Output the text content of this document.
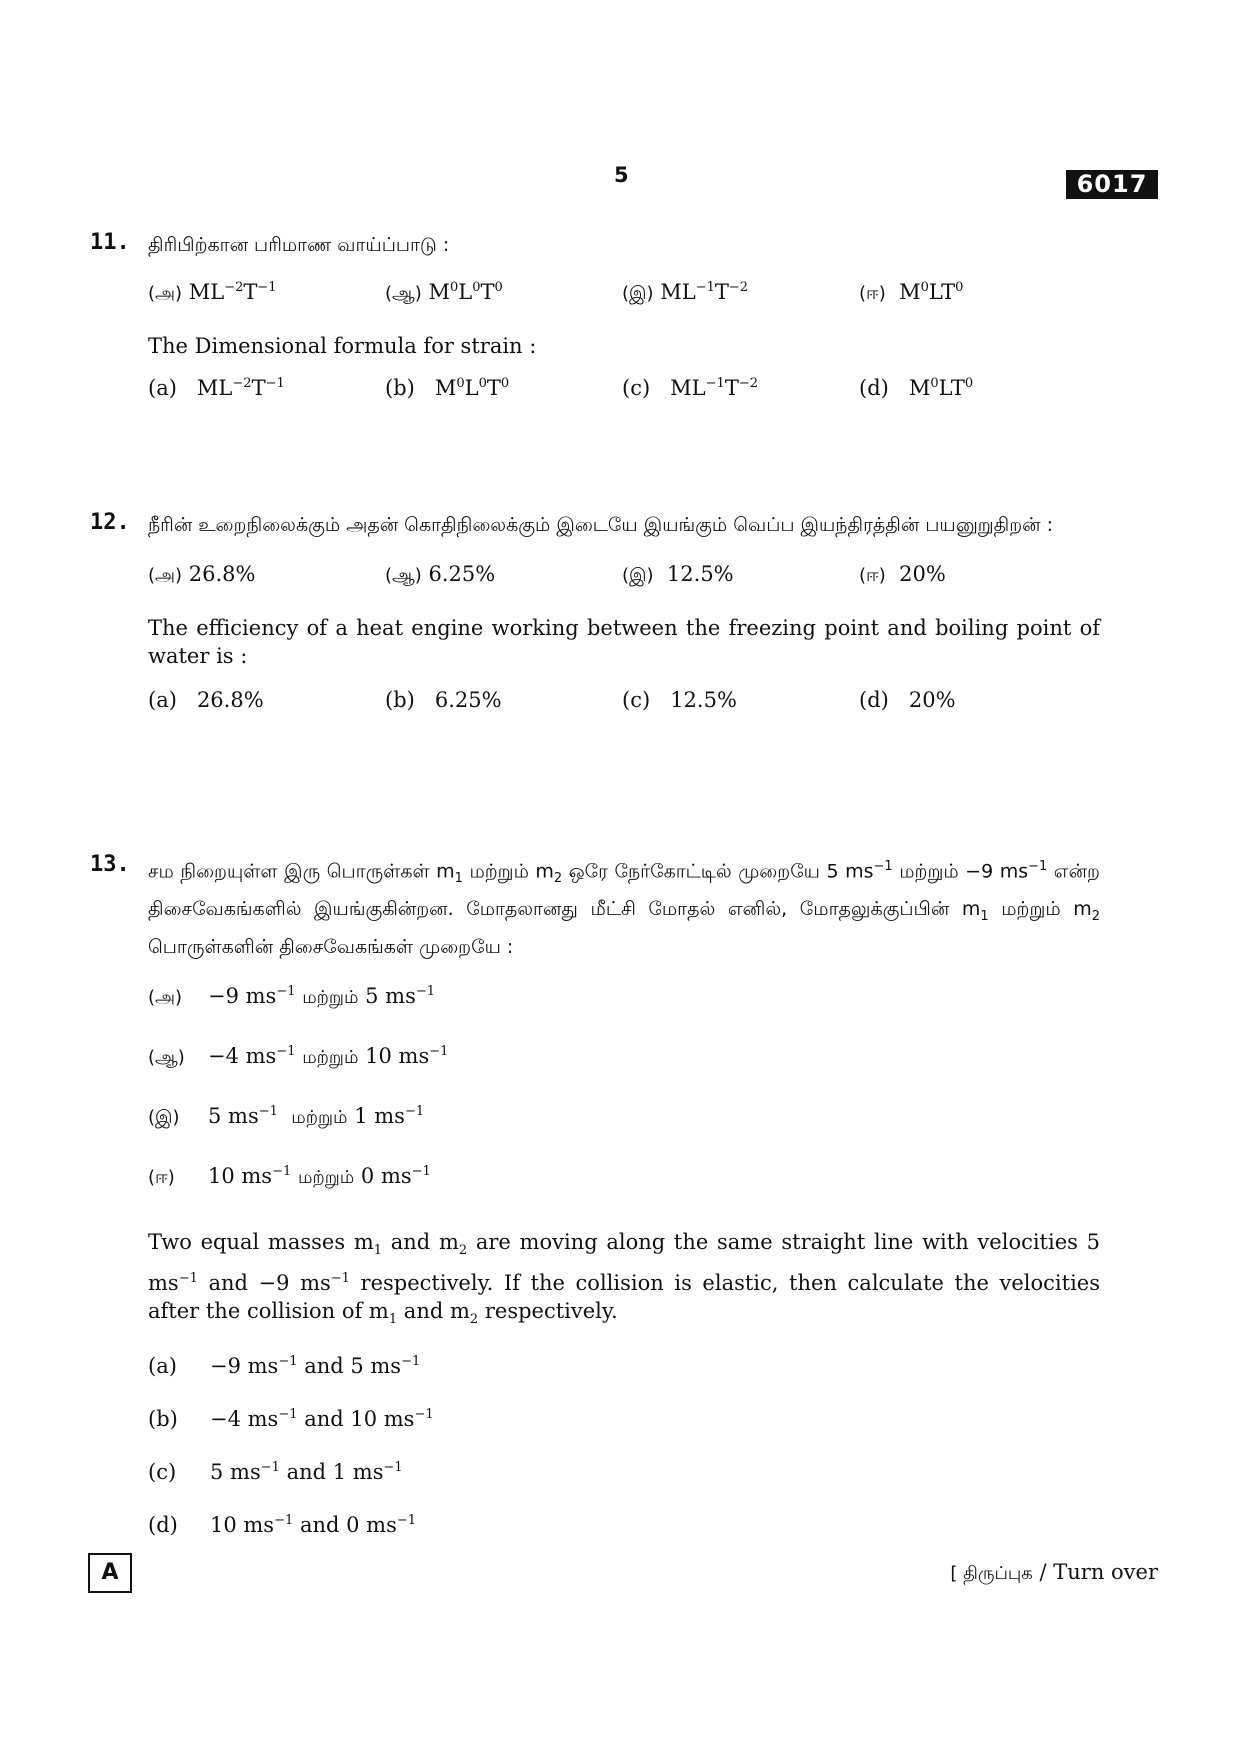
5	6017
11. திரிபிற்கான பரிமாண வாய்ப்பாடு :
(அ) $ML^{-2}T^{-1}$	(ஆ) $M^0L^0T^0$	(இ) $ML^{-1}T^{-2}$	(ஈ)  $M^0LT^0$
The Dimensional formula for strain :
(a)   $ML^{-2}T^{-1}$	(b)   $M^0L^0T^0$	(c)   $ML^{-1}T^{-2}$	(d)   $M^0LT^0$
12. நீரின் உறைநிலைக்கும் அதன் கொதிநிலைக்கும் இடையே இயங்கும் வெப்ப இயந்திரத்தின் பயனுறுதிறன் :
(அ) 26.8%	(ஆ) 6.25%	(இ) 12.5%	(ஈ) 20%
The efficiency of a heat engine working between the freezing point and boiling point of water is :
(a) 26.8%	(b) 6.25%	(c) 12.5%	(d) 20%
13. சம நிறையுள்ள இரு பொருள்கள் $m_1$ மற்றும் $m_2$ ஒரே நேர்கோட்டில் முறையே 5 $ms^{-1}$ மற்றும் −9 $ms^{-1}$ என்ற திசைவேகங்களில் இயங்குகின்றன. மோதலானது மீட்சி மோதல் எனில், மோதலுக்குப்பின் $m_1$ மற்றும் $m_2$ பொருள்களின் திசைவேகங்கள் முறையே :
(அ) −9 $ms^{-1}$ மற்றும் 5 $ms^{-1}$
(ஆ) −4 $ms^{-1}$ மற்றும் 10 $ms^{-1}$
(இ) 5 $ms^{-1}$ மற்றும் 1 $ms^{-1}$
(ஈ) 10 $ms^{-1}$ மற்றும் 0 $ms^{-1}$
Two equal masses $m_1$ and $m_2$ are moving along the same straight line with velocities 5 $ms^{-1}$ and −9 $ms^{-1}$ respectively. If the collision is elastic, then calculate the velocities after the collision of $m_1$ and $m_2$ respectively.
(a) −9 $ms^{-1}$ and 5 $ms^{-1}$
(b) −4 $ms^{-1}$ and 10 $ms^{-1}$
(c) 5 $ms^{-1}$ and 1 $ms^{-1}$
(d) 10 $ms^{-1}$ and 0 $ms^{-1}$
A	[ திருப்புக / Turn over
